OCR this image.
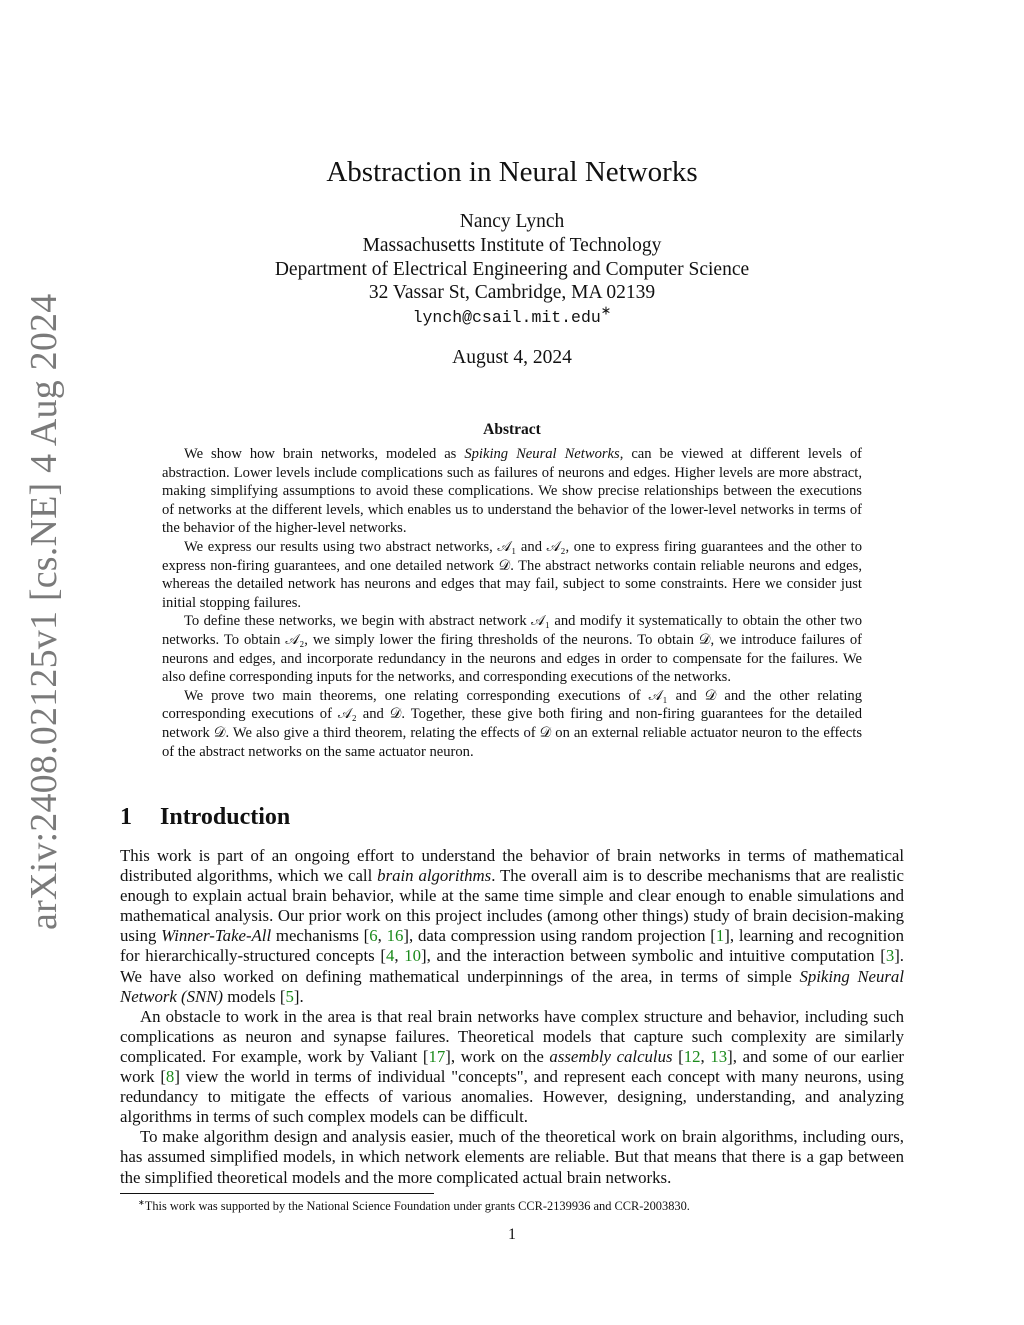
arXiv:2408.02125v1 [cs.NE] 4 Aug 2024
Abstraction in Neural Networks
Nancy Lynch
Massachusetts Institute of Technology
Department of Electrical Engineering and Computer Science
32 Vassar St, Cambridge, MA 02139
lynch@csail.mit.edu∗
August 4, 2024
Abstract

We show how brain networks, modeled as Spiking Neural Networks, can be viewed at different levels of abstraction. Lower levels include complications such as failures of neurons and edges. Higher levels are more abstract, making simplifying assumptions to avoid these complications. We show precise relationships between the executions of networks at the different levels, which enables us to understand the behavior of the lower-level networks in terms of the behavior of the higher-level networks.

We express our results using two abstract networks, 𝒜₁ and 𝒜₂, one to express firing guarantees and the other to express non-firing guarantees, and one detailed network 𝒟. The abstract networks contain reliable neurons and edges, whereas the detailed network has neurons and edges that may fail, subject to some constraints. Here we consider just initial stopping failures.

To define these networks, we begin with abstract network 𝒜₁ and modify it systematically to obtain the other two networks. To obtain 𝒜₂, we simply lower the firing thresholds of the neurons. To obtain 𝒟, we introduce failures of neurons and edges, and incorporate redundancy in the neurons and edges in order to compensate for the failures. We also define corresponding inputs for the networks, and corresponding executions of the networks.

We prove two main theorems, one relating corresponding executions of 𝒜₁ and 𝒟 and the other relating corresponding executions of 𝒜₂ and 𝒟. Together, these give both firing and non-firing guarantees for the detailed network 𝒟. We also give a third theorem, relating the effects of 𝒟 on an external reliable actuator neuron to the effects of the abstract networks on the same actuator neuron.

1 Introduction

This work is part of an ongoing effort to understand the behavior of brain networks in terms of mathematical distributed algorithms, which we call brain algorithms. The overall aim is to describe mechanisms that are realistic enough to explain actual brain behavior, while at the same time simple and clear enough to enable simulations and mathematical analysis. Our prior work on this project includes (among other things) study of brain decision-making using Winner-Take-All mechanisms [6, 16], data compression using random projection [1], learning and recognition for hierarchically-structured concepts [4, 10], and the interaction between symbolic and intuitive computation [3]. We have also worked on defining mathematical underpinnings of the area, in terms of simple Spiking Neural Network (SNN) models [5].

An obstacle to work in the area is that real brain networks have complex structure and behavior, including such complications as neuron and synapse failures. Theoretical models that capture such complexity are similarly complicated. For example, work by Valiant [17], work on the assembly calculus [12, 13], and some of our earlier work [8] view the world in terms of individual "concepts", and represent each concept with many neurons, using redundancy to mitigate the effects of various anomalies. However, designing, understanding, and analyzing algorithms in terms of such complex models can be difficult.

To make algorithm design and analysis easier, much of the theoretical work on brain algorithms, including ours, has assumed simplified models, in which network elements are reliable. But that means that there is a gap between the simplified theoretical models and the more complicated actual brain networks.

∗This work was supported by the National Science Foundation under grants CCR-2139936 and CCR-2003830.
1
